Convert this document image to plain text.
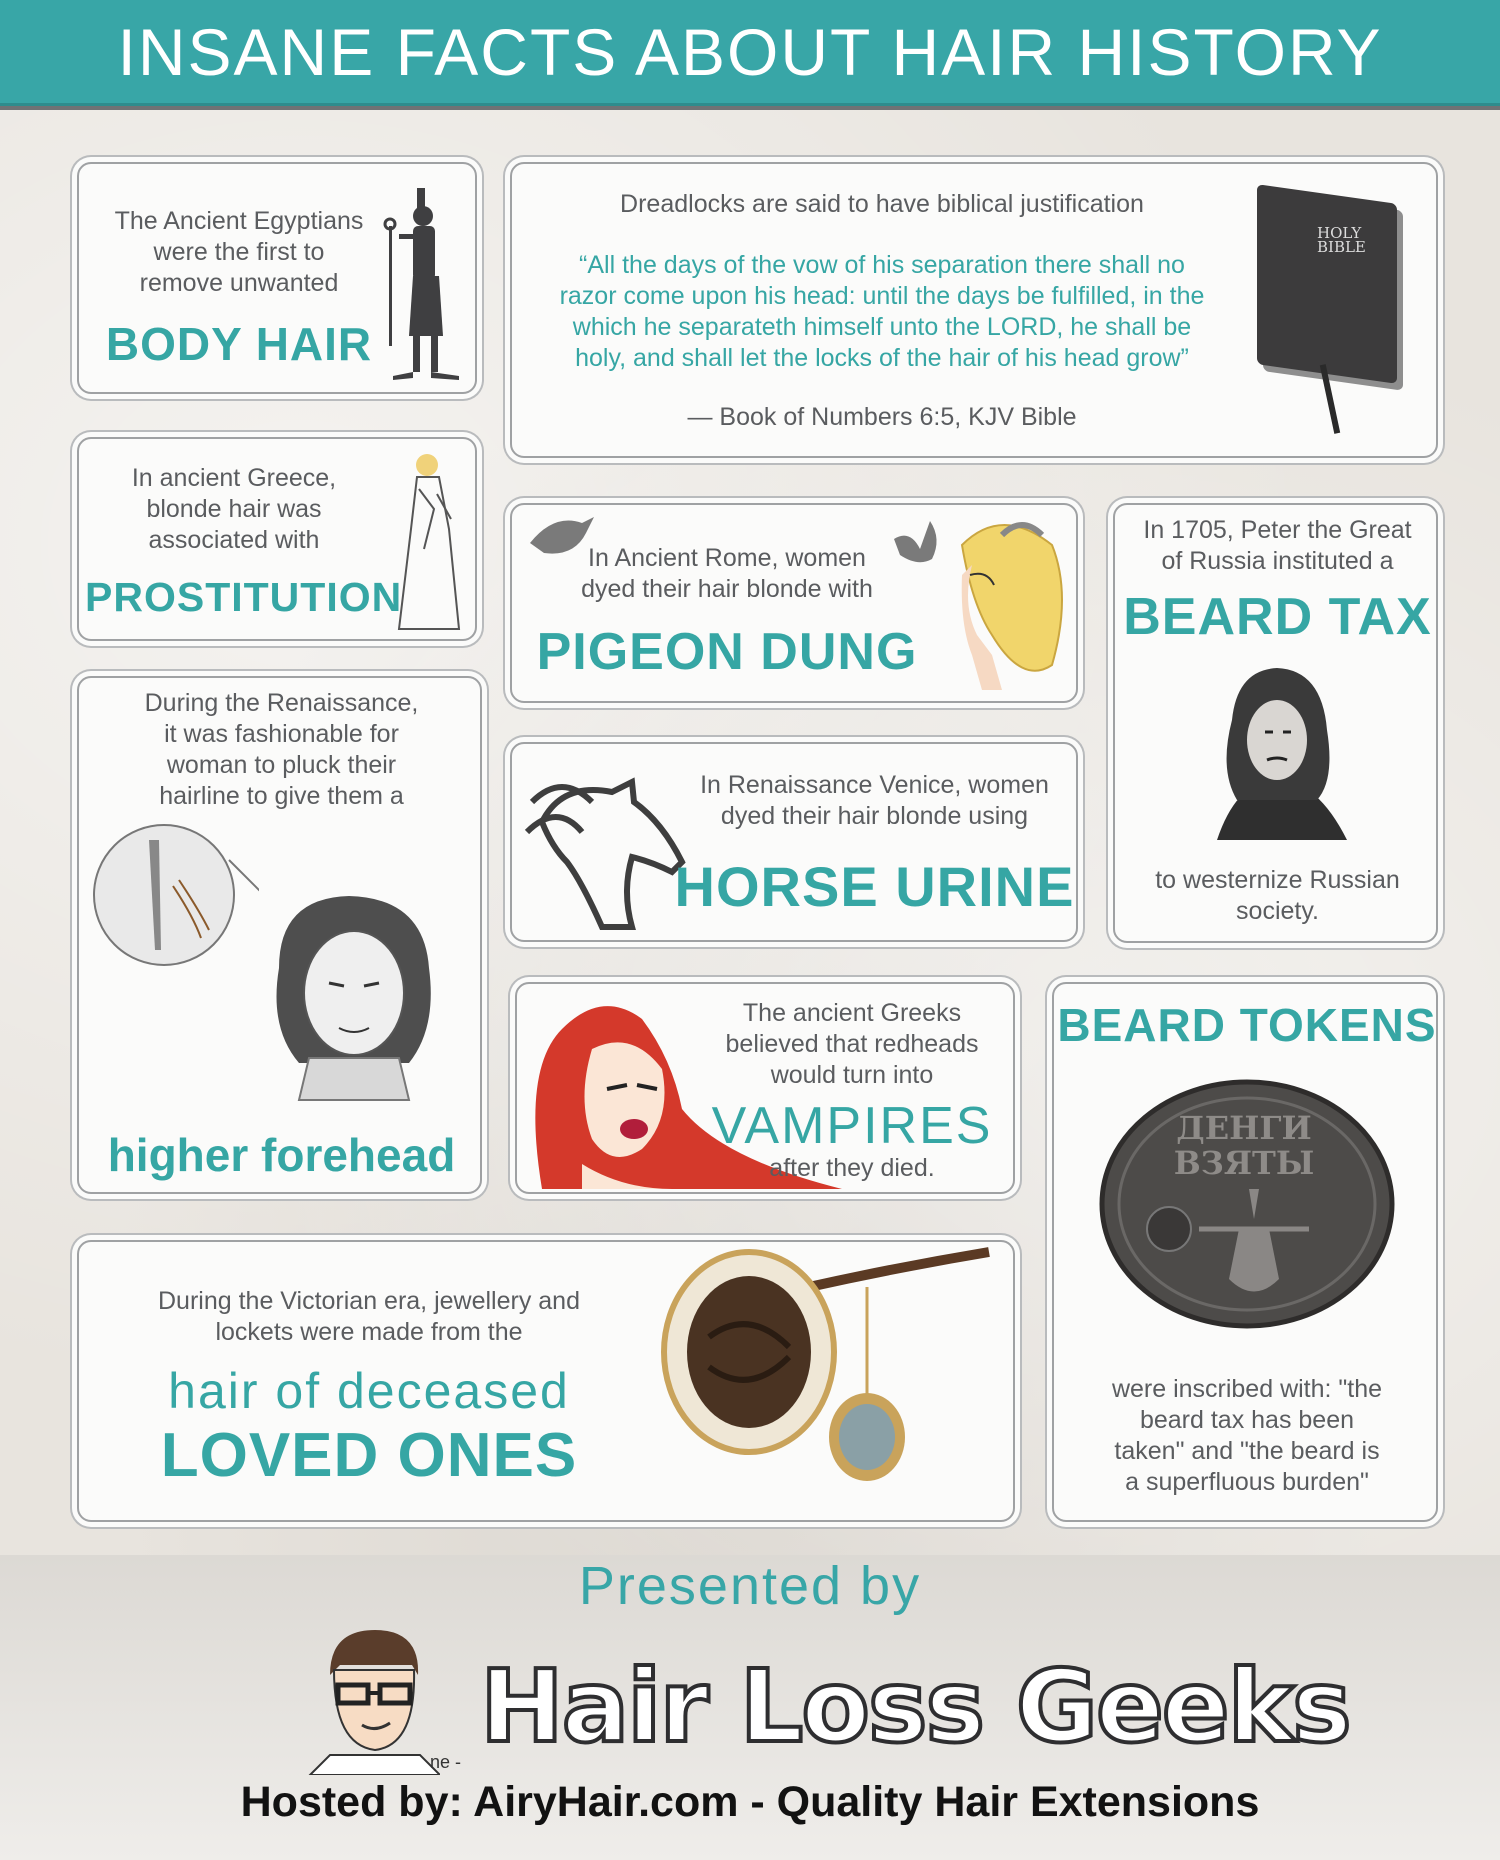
INSANE FACTS ABOUT HAIR HISTORY
The Ancient Egyptians
were the first to
remove unwanted
BODY HAIR
Dreadlocks are said to have biblical justification
“All the days of the vow of his separation there shall no
razor come upon his head: until the days be fulfilled, in the
which he separateth himself unto the LORD, he shall be
holy, and shall let the locks of the hair of his head grow”
— Book of Numbers 6:5, KJV Bible
HOLY
BIBLE
In ancient Greece,
blonde hair was
associated with
PROSTITUTION
In Ancient Rome, women
dyed their hair blonde with
PIGEON DUNG
In 1705, Peter the Great
of Russia instituted a
BEARD TAX
to westernize Russian
society.
During the Renaissance,
it was fashionable for
woman to pluck their
hairline to give them a
higher forehead
In Renaissance Venice, women
dyed their hair blonde using
HORSE URINE
The ancient Greeks
believed that redheads
would turn into
VAMPIRES
after they died.
BEARD TOKENS
ДЕНГИ
ВЗЯТЫ
were inscribed with: "the
beard tax has been
taken" and "the beard is
a superfluous burden"
During the Victorian era, jewellery and
lockets were made from the
hair of deceased
LOVED ONES
Presented by
ne - Hair Loss Geeks
Hosted by: AiryHair.com - Quality Hair Extensions
